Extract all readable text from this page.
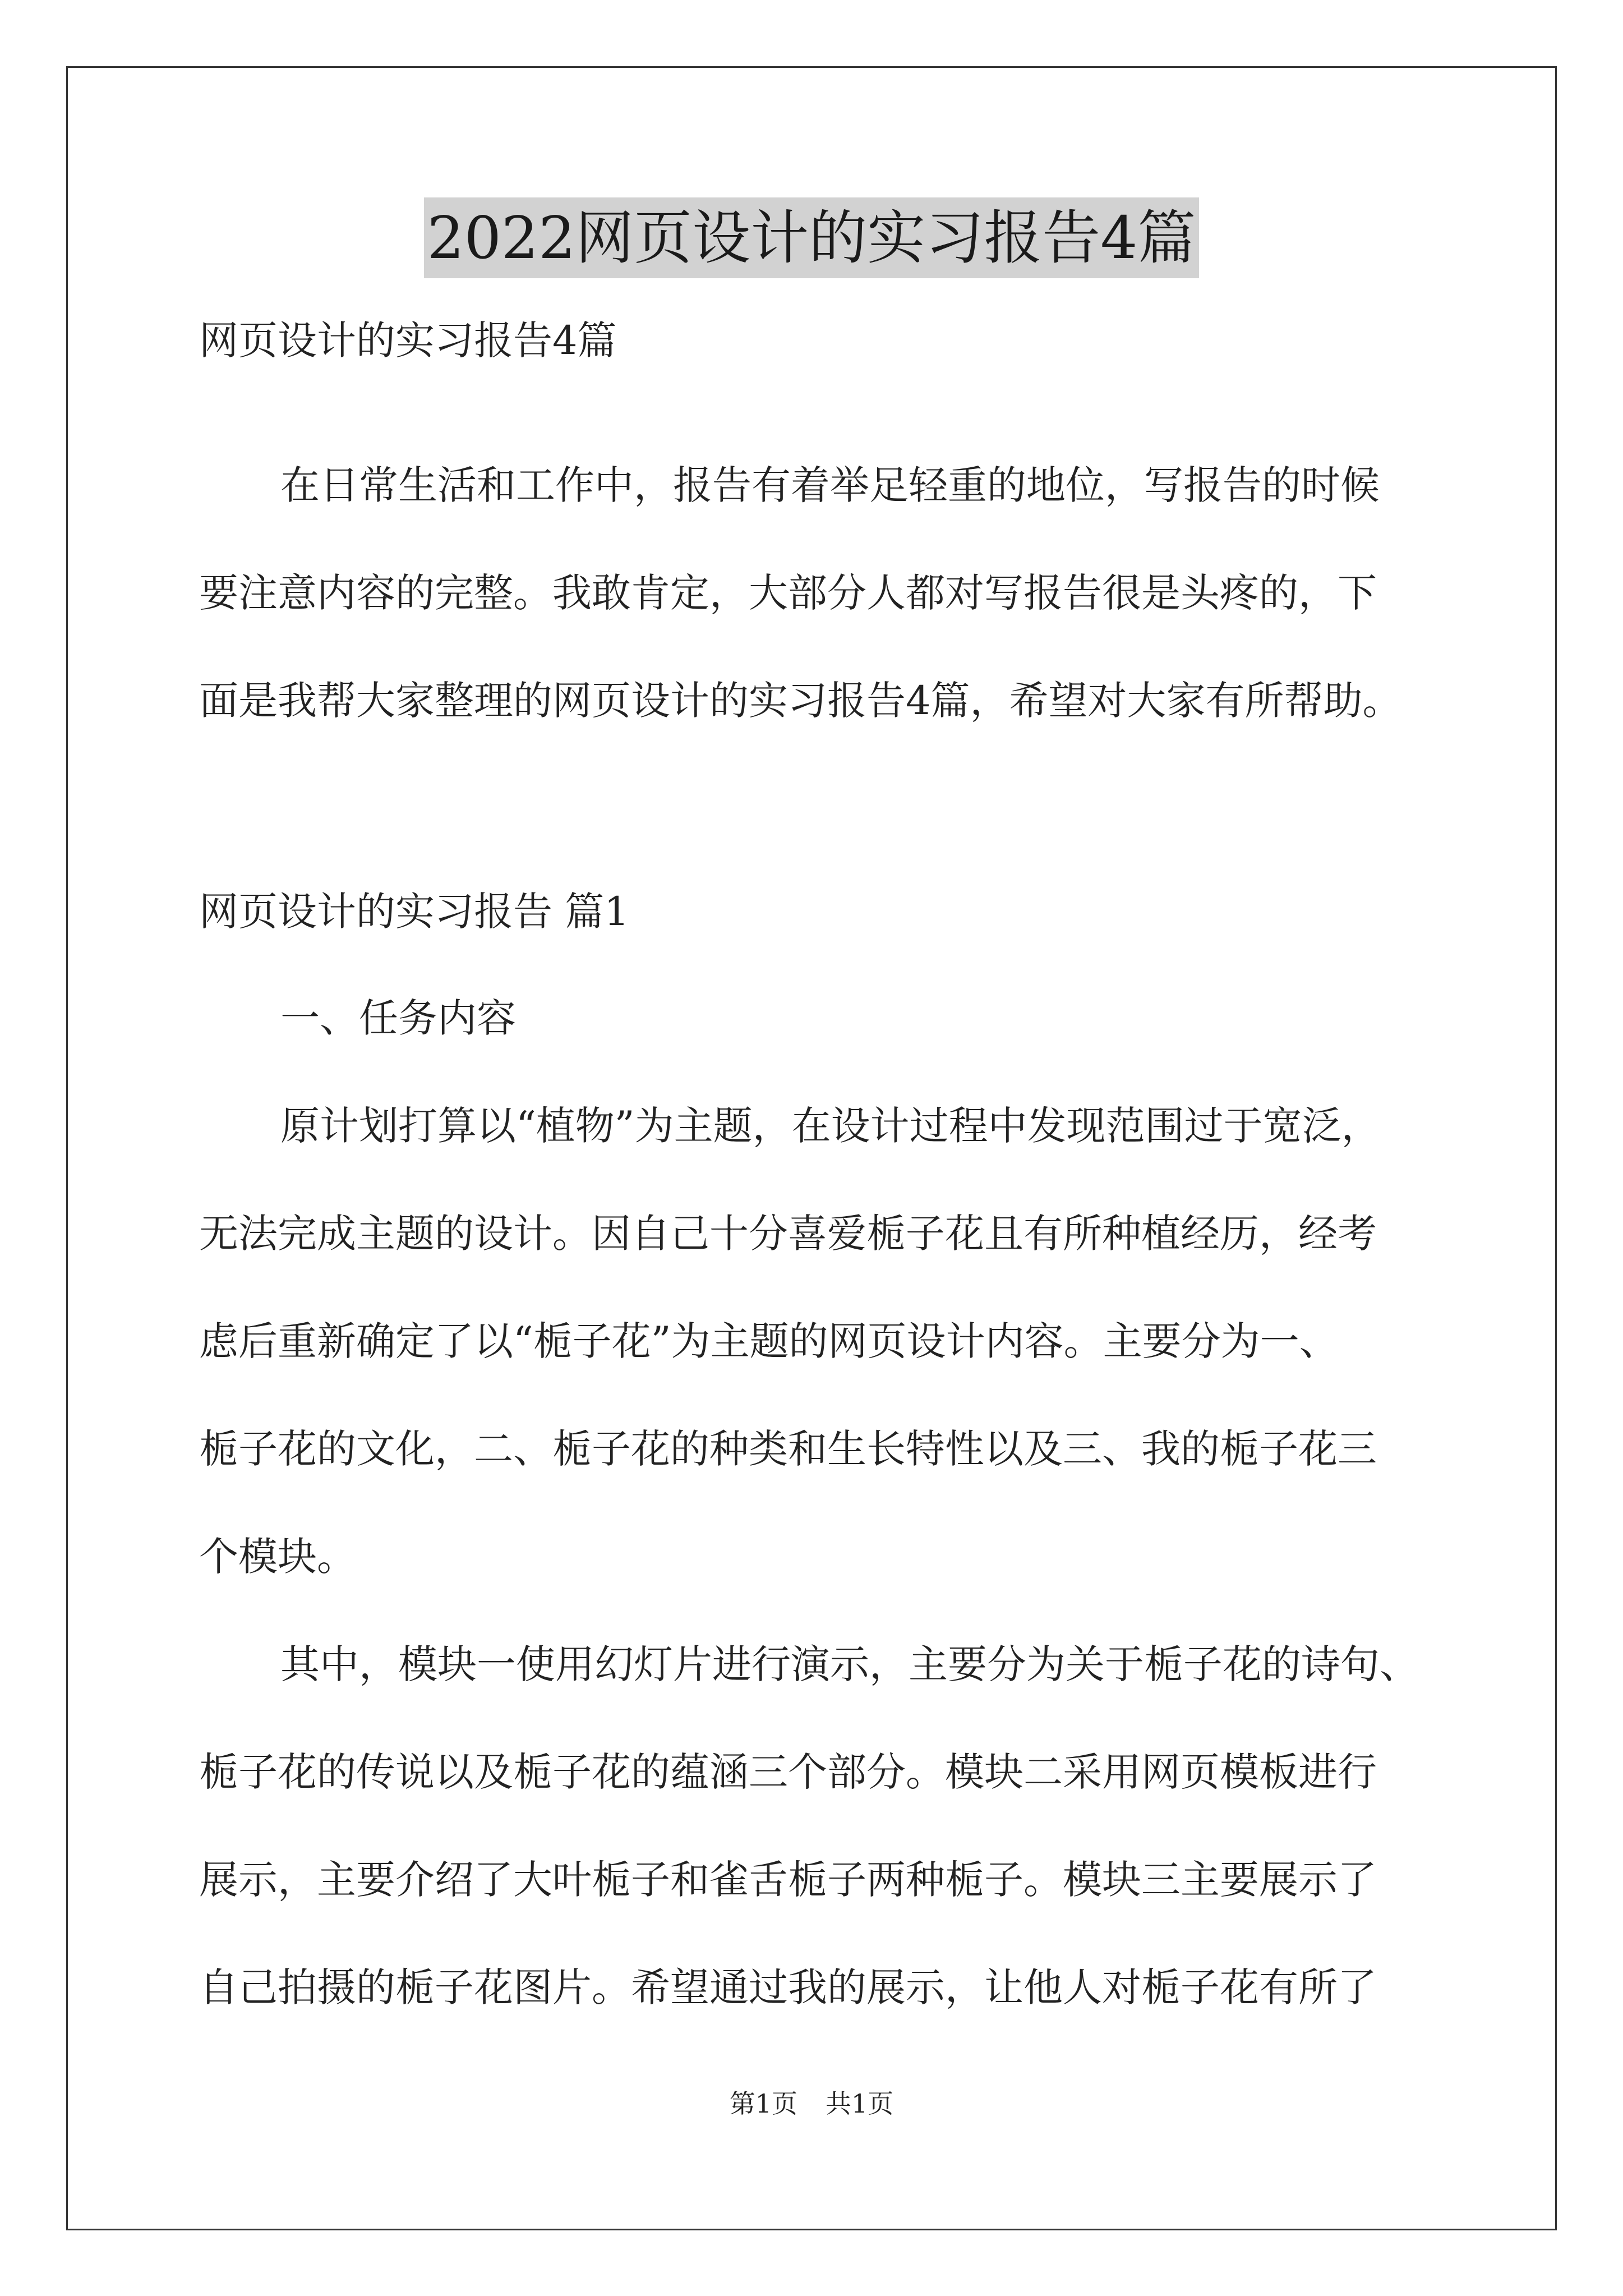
2022网页设计的实习报告4篇
网页设计的实习报告4篇
在日常生活和工作中，报告有着举足轻重的地位，写报告的时候
要注意内容的完整。我敢肯定，大部分人都对写报告很是头疼的，下
面是我帮大家整理的网页设计的实习报告4篇，希望对大家有所帮助。
网页设计的实习报告 篇1
一、任务内容
原计划打算以“植物”为主题，在设计过程中发现范围过于宽泛，
无法完成主题的设计。因自己十分喜爱栀子花且有所种植经历，经考
虑后重新确定了以“栀子花”为主题的网页设计内容。主要分为一、
栀子花的文化，二、栀子花的种类和生长特性以及三、我的栀子花三
个模块。
其中，模块一使用幻灯片进行演示，主要分为关于栀子花的诗句、
栀子花的传说以及栀子花的蕴涵三个部分。模块二采用网页模板进行
展示，主要介绍了大叶栀子和雀舌栀子两种栀子。模块三主要展示了
自己拍摄的栀子花图片。希望通过我的展示，让他人对栀子花有所了
第1页 共1页
